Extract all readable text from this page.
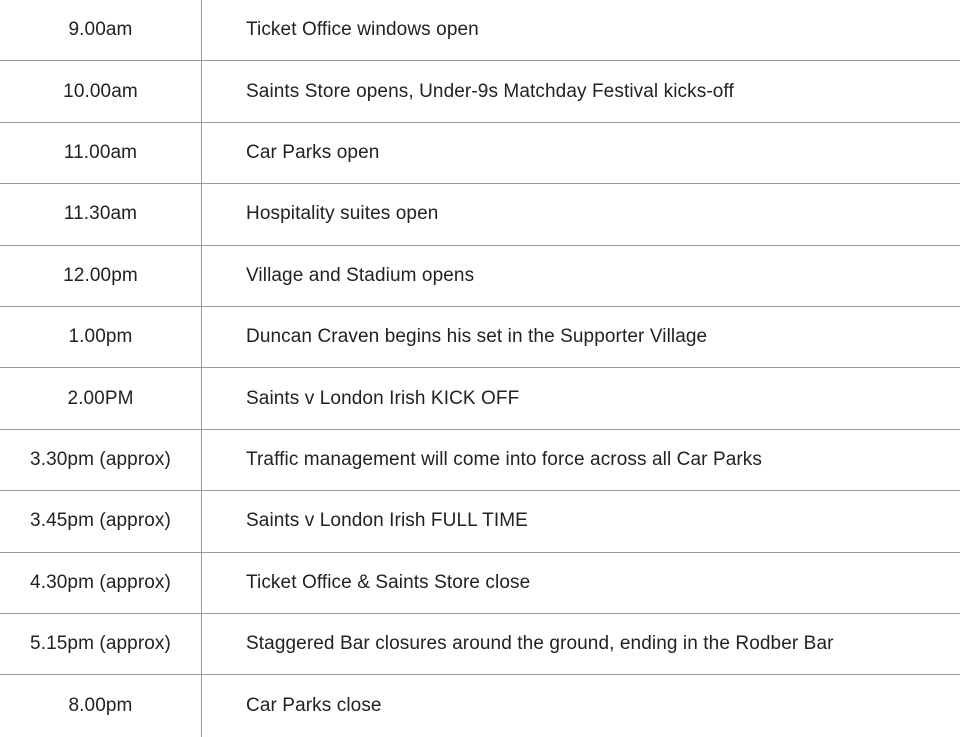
9.00am	Ticket Office windows open
10.00am	Saints Store opens, Under-9s Matchday Festival kicks-off
11.00am	Car Parks open
11.30am	Hospitality suites open
12.00pm	Village and Stadium opens
1.00pm	Duncan Craven begins his set in the Supporter Village
2.00PM	Saints v London Irish KICK OFF
3.30pm (approx)	Traffic management will come into force across all Car Parks
3.45pm (approx)	Saints v London Irish FULL TIME
4.30pm (approx)	Ticket Office & Saints Store close
5.15pm (approx)	Staggered Bar closures around the ground, ending in the Rodber Bar
8.00pm	Car Parks close
